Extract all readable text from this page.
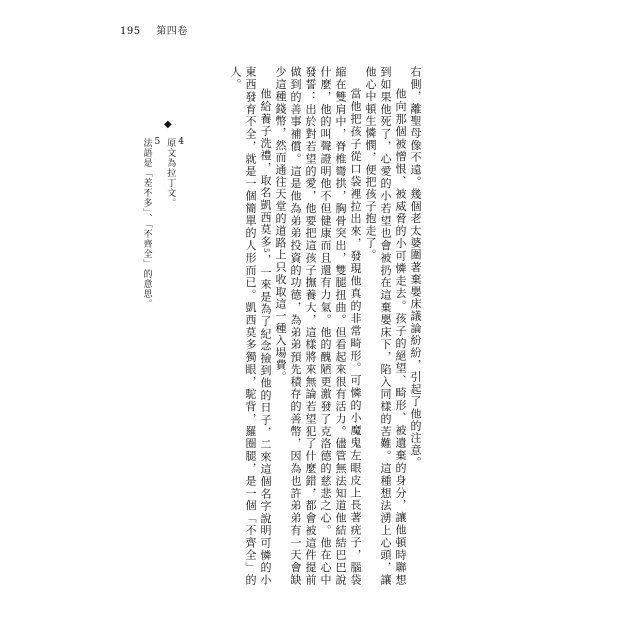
195 第四卷
◆
4
原文為拉丁文。
5
法語是「差不多」、「不齊全」的意思。	右側，離聖母像不遠。幾個老太婆圍著棄嬰床議論紛紛，引起了他的注意。

他向那個被憎恨、被威脅的小可憐走去。孩子的絕望、畸形、被遺棄的身分，讓他頓時聯想到如果他死了，心愛的小若望也會被扔在這棄嬰床下，陷入同樣的苦難。這種想法湧上心頭，讓他心中頓生憐憫，便把孩子抱走了。

當他把孩子從口袋裡拉出來，發現他真的非常畸形。可憐的小魔鬼左眼皮上長著疣子，腦袋縮在雙肩中，脊椎彎拱，胸骨突出，雙腿扭曲。但看起來很有活力。儘管無法知道他結結巴巴說什麼，他的叫聲證明他不但健康而且還有力氣。他的醜陋更激發了克洛德的慈悲之心。他在心中發誓：出於對若望的愛，他要把這孩子撫養大，這樣將來無論若望犯了什麼錯，都會被這件提前做到的善事補償。這是他為弟弟投資的功德，為弟弟預先積存的善幣，因為也許弟弟有一天會缺少這種錢幣，然而通往天堂的道路上只收取這一種入場費。

他給養子洗禮，取名凱西莫多$^5$，一來是為了紀念撿到他的日子，二來這個名字說明可憐的小東西發育不全，就是一個簡單的人形而已。凱西莫多獨眼，駝背，羅圈腿，是一個「不齊全」的人。
